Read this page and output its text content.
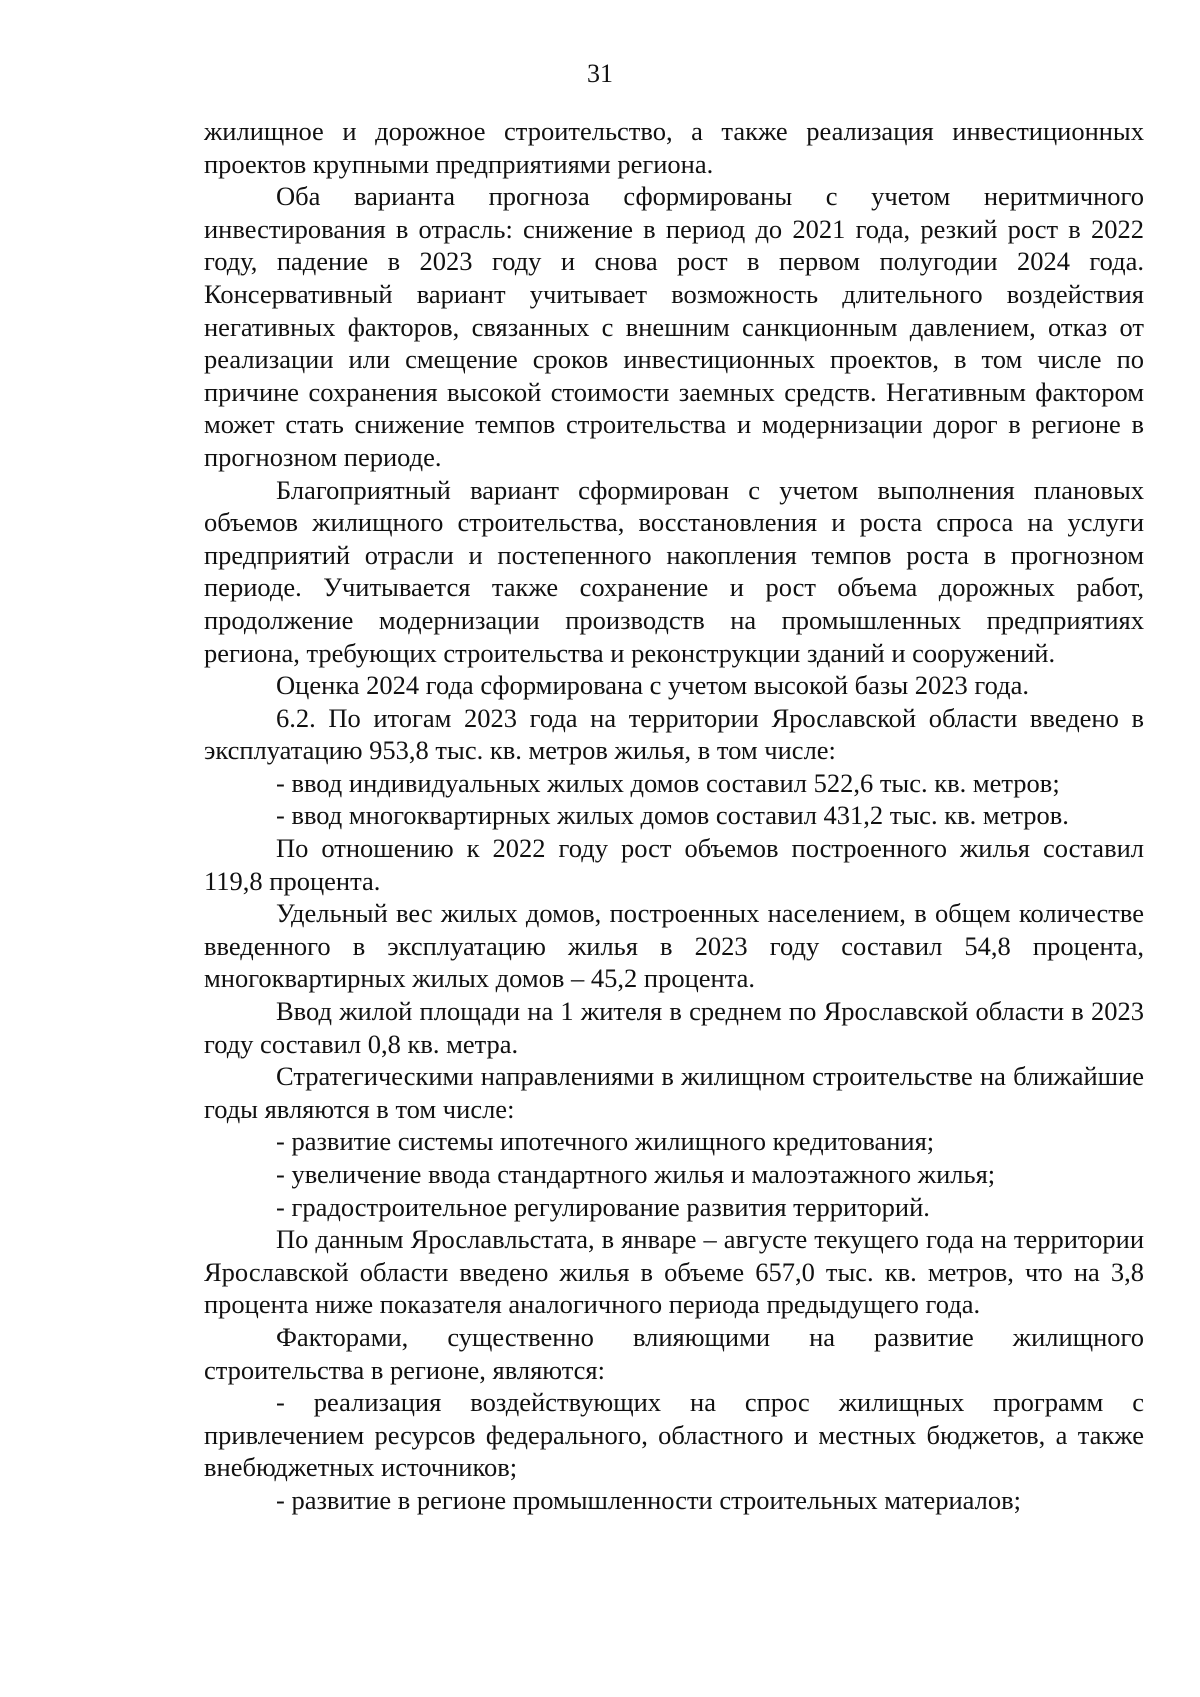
31

жилищное и дорожное строительство, а также реализация инвестиционных проектов крупными предприятиями региона.

Оба варианта прогноза сформированы с учетом неритмичного инвестирования в отрасль: снижение в период до 2021 года, резкий рост в 2022 году, падение в 2023 году и снова рост в первом полугодии 2024 года. Консервативный вариант учитывает возможность длительного воздействия негативных факторов, связанных с внешним санкционным давлением, отказ от реализации или смещение сроков инвестиционных проектов, в том числе по причине сохранения высокой стоимости заемных средств. Негативным фактором может стать снижение темпов строительства и модернизации дорог в регионе в прогнозном периоде.

Благоприятный вариант сформирован с учетом выполнения плановых объемов жилищного строительства, восстановления и роста спроса на услуги предприятий отрасли и постепенного накопления темпов роста в прогнозном периоде. Учитывается также сохранение и рост объема дорожных работ, продолжение модернизации производств на промышленных предприятиях региона, требующих строительства и реконструкции зданий и сооружений.

Оценка 2024 года сформирована с учетом высокой базы 2023 года.

6.2. По итогам 2023 года на территории Ярославской области введено в эксплуатацию 953,8 тыс. кв. метров жилья, в том числе:

- ввод индивидуальных жилых домов составил 522,6 тыс. кв. метров;

- ввод многоквартирных жилых домов составил 431,2 тыс. кв. метров.

По отношению к 2022 году рост объемов построенного жилья составил 119,8 процента.

Удельный вес жилых домов, построенных населением, в общем количестве введенного в эксплуатацию жилья в 2023 году составил 54,8 процента, многоквартирных жилых домов – 45,2 процента.

Ввод жилой площади на 1 жителя в среднем по Ярославской области в 2023 году составил 0,8 кв. метра.

Стратегическими направлениями в жилищном строительстве на ближайшие годы являются в том числе:

- развитие системы ипотечного жилищного кредитования;

- увеличение ввода стандартного жилья и малоэтажного жилья;

- градостроительное регулирование развития территорий.

По данным Ярославльстата, в январе – августе текущего года на территории Ярославской области введено жилья в объеме 657,0 тыс. кв. метров, что на 3,8 процента ниже показателя аналогичного периода предыдущего года.

Факторами, существенно влияющими на развитие жилищного строительства в регионе, являются:

- реализация воздействующих на спрос жилищных программ с привлечением ресурсов федерального, областного и местных бюджетов, а также внебюджетных источников;

- развитие в регионе промышленности строительных материалов;
